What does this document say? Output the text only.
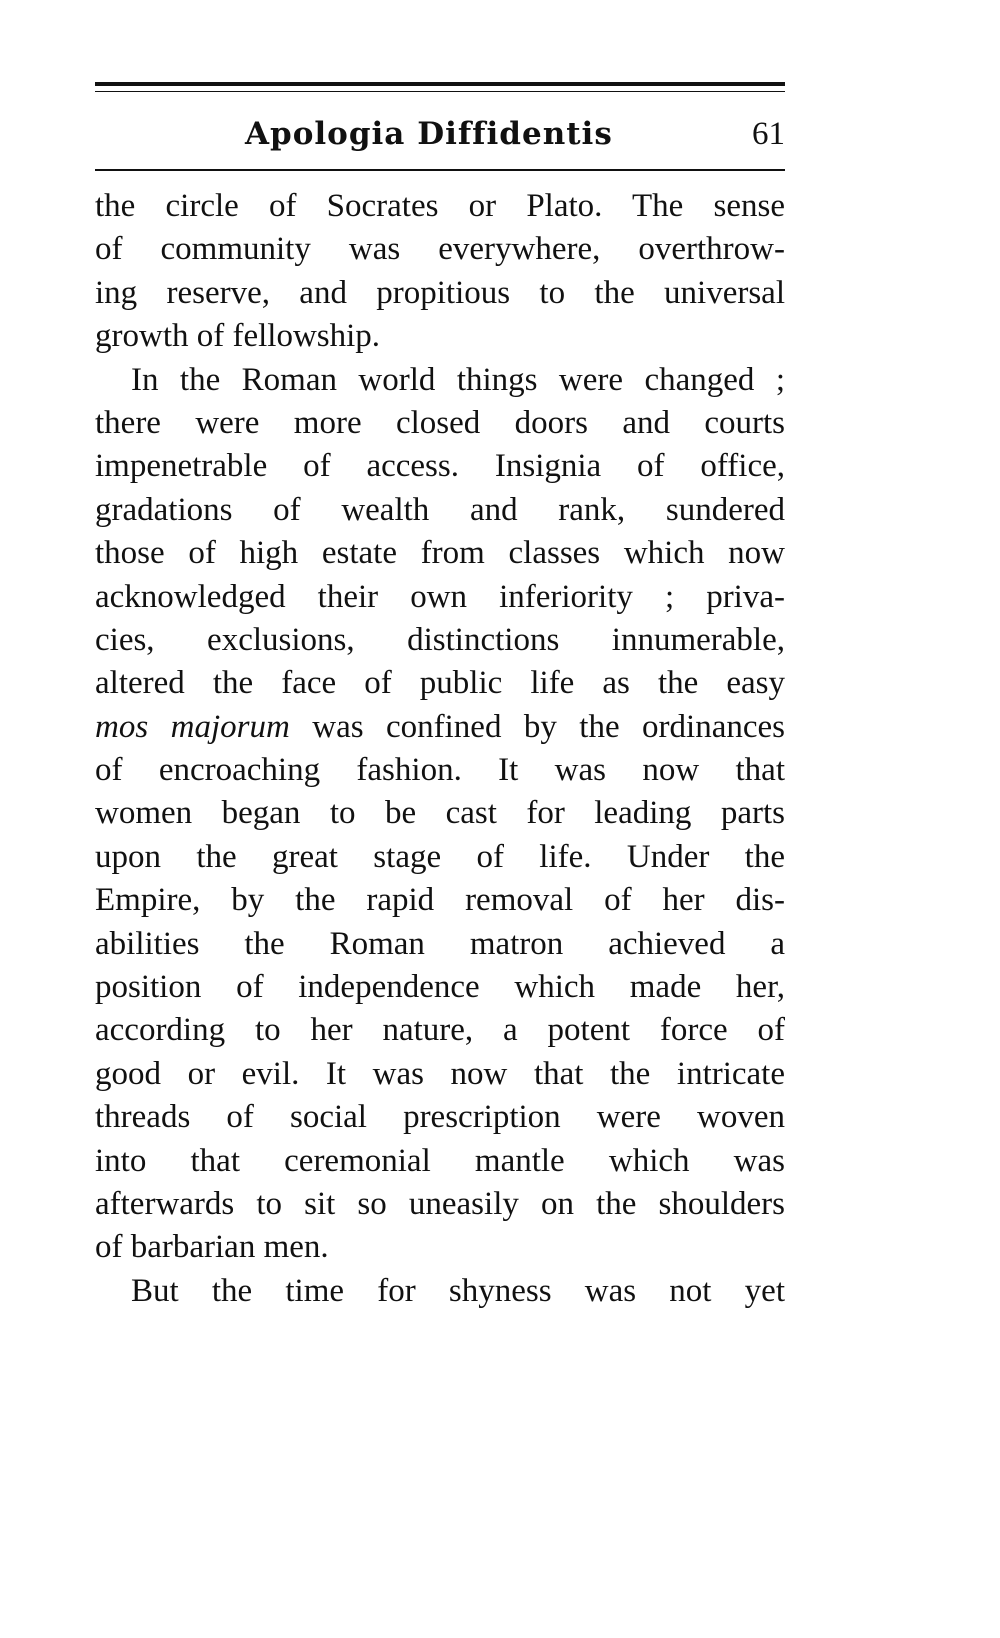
Apologia Diffidentis	61
the circle of Socrates or Plato. The sense
of community was everywhere, overthrow-
ing reserve, and propitious to the universal
growth of fellowship.
In the Roman world things were changed ;
there were more closed doors and courts
impenetrable of access. Insignia of office,
gradations of wealth and rank, sundered
those of high estate from classes which now
acknowledged their own inferiority ; priva-
cies, exclusions, distinctions innumerable,
altered the face of public life as the easy
mos majorum was confined by the ordinances
of encroaching fashion. It was now that
women began to be cast for leading parts
upon the great stage of life. Under the
Empire, by the rapid removal of her dis-
abilities the Roman matron achieved a
position of independence which made her,
according to her nature, a potent force of
good or evil. It was now that the intricate
threads of social prescription were woven
into that ceremonial mantle which was
afterwards to sit so uneasily on the shoulders
of barbarian men.
But the time for shyness was not yet
